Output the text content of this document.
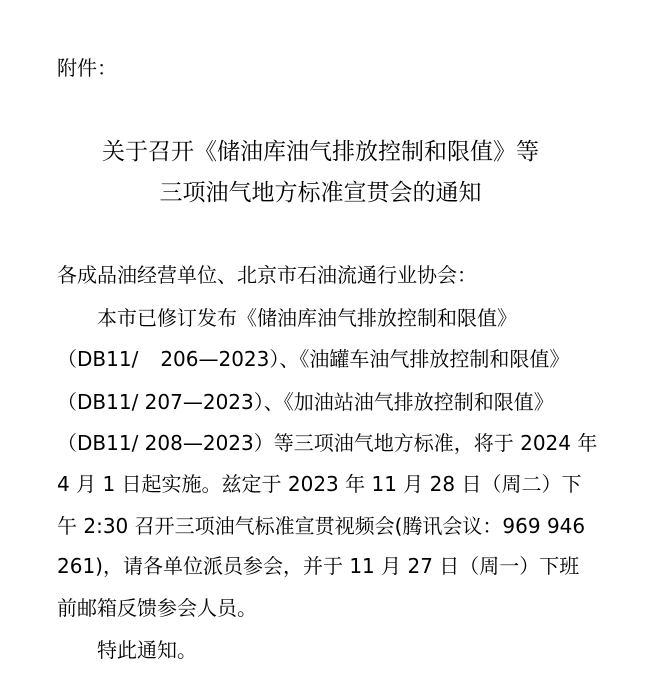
附件：
关于召开《储油库油气排放控制和限值》等
三项油气地方标准宣贯会的通知
各成品油经营单位、北京市石油流通行业协会：
本市已修订发布《储油库油气排放控制和限值》
（DB11/ 206—2023）、《油罐车油气排放控制和限值》
（DB11/ 207—2023）、《加油站油气排放控制和限值》
（DB11/ 208—2023）等三项油气地方标准，将于 2024 年
4 月 1 日起实施。兹定于 2023 年 11 月 28 日（周二）下
午 2:30 召开三项油气标准宣贯视频会(腾讯会议：969 946
261)，请各单位派员参会，并于 11 月 27 日（周一）下班
前邮箱反馈参会人员。
特此通知。
